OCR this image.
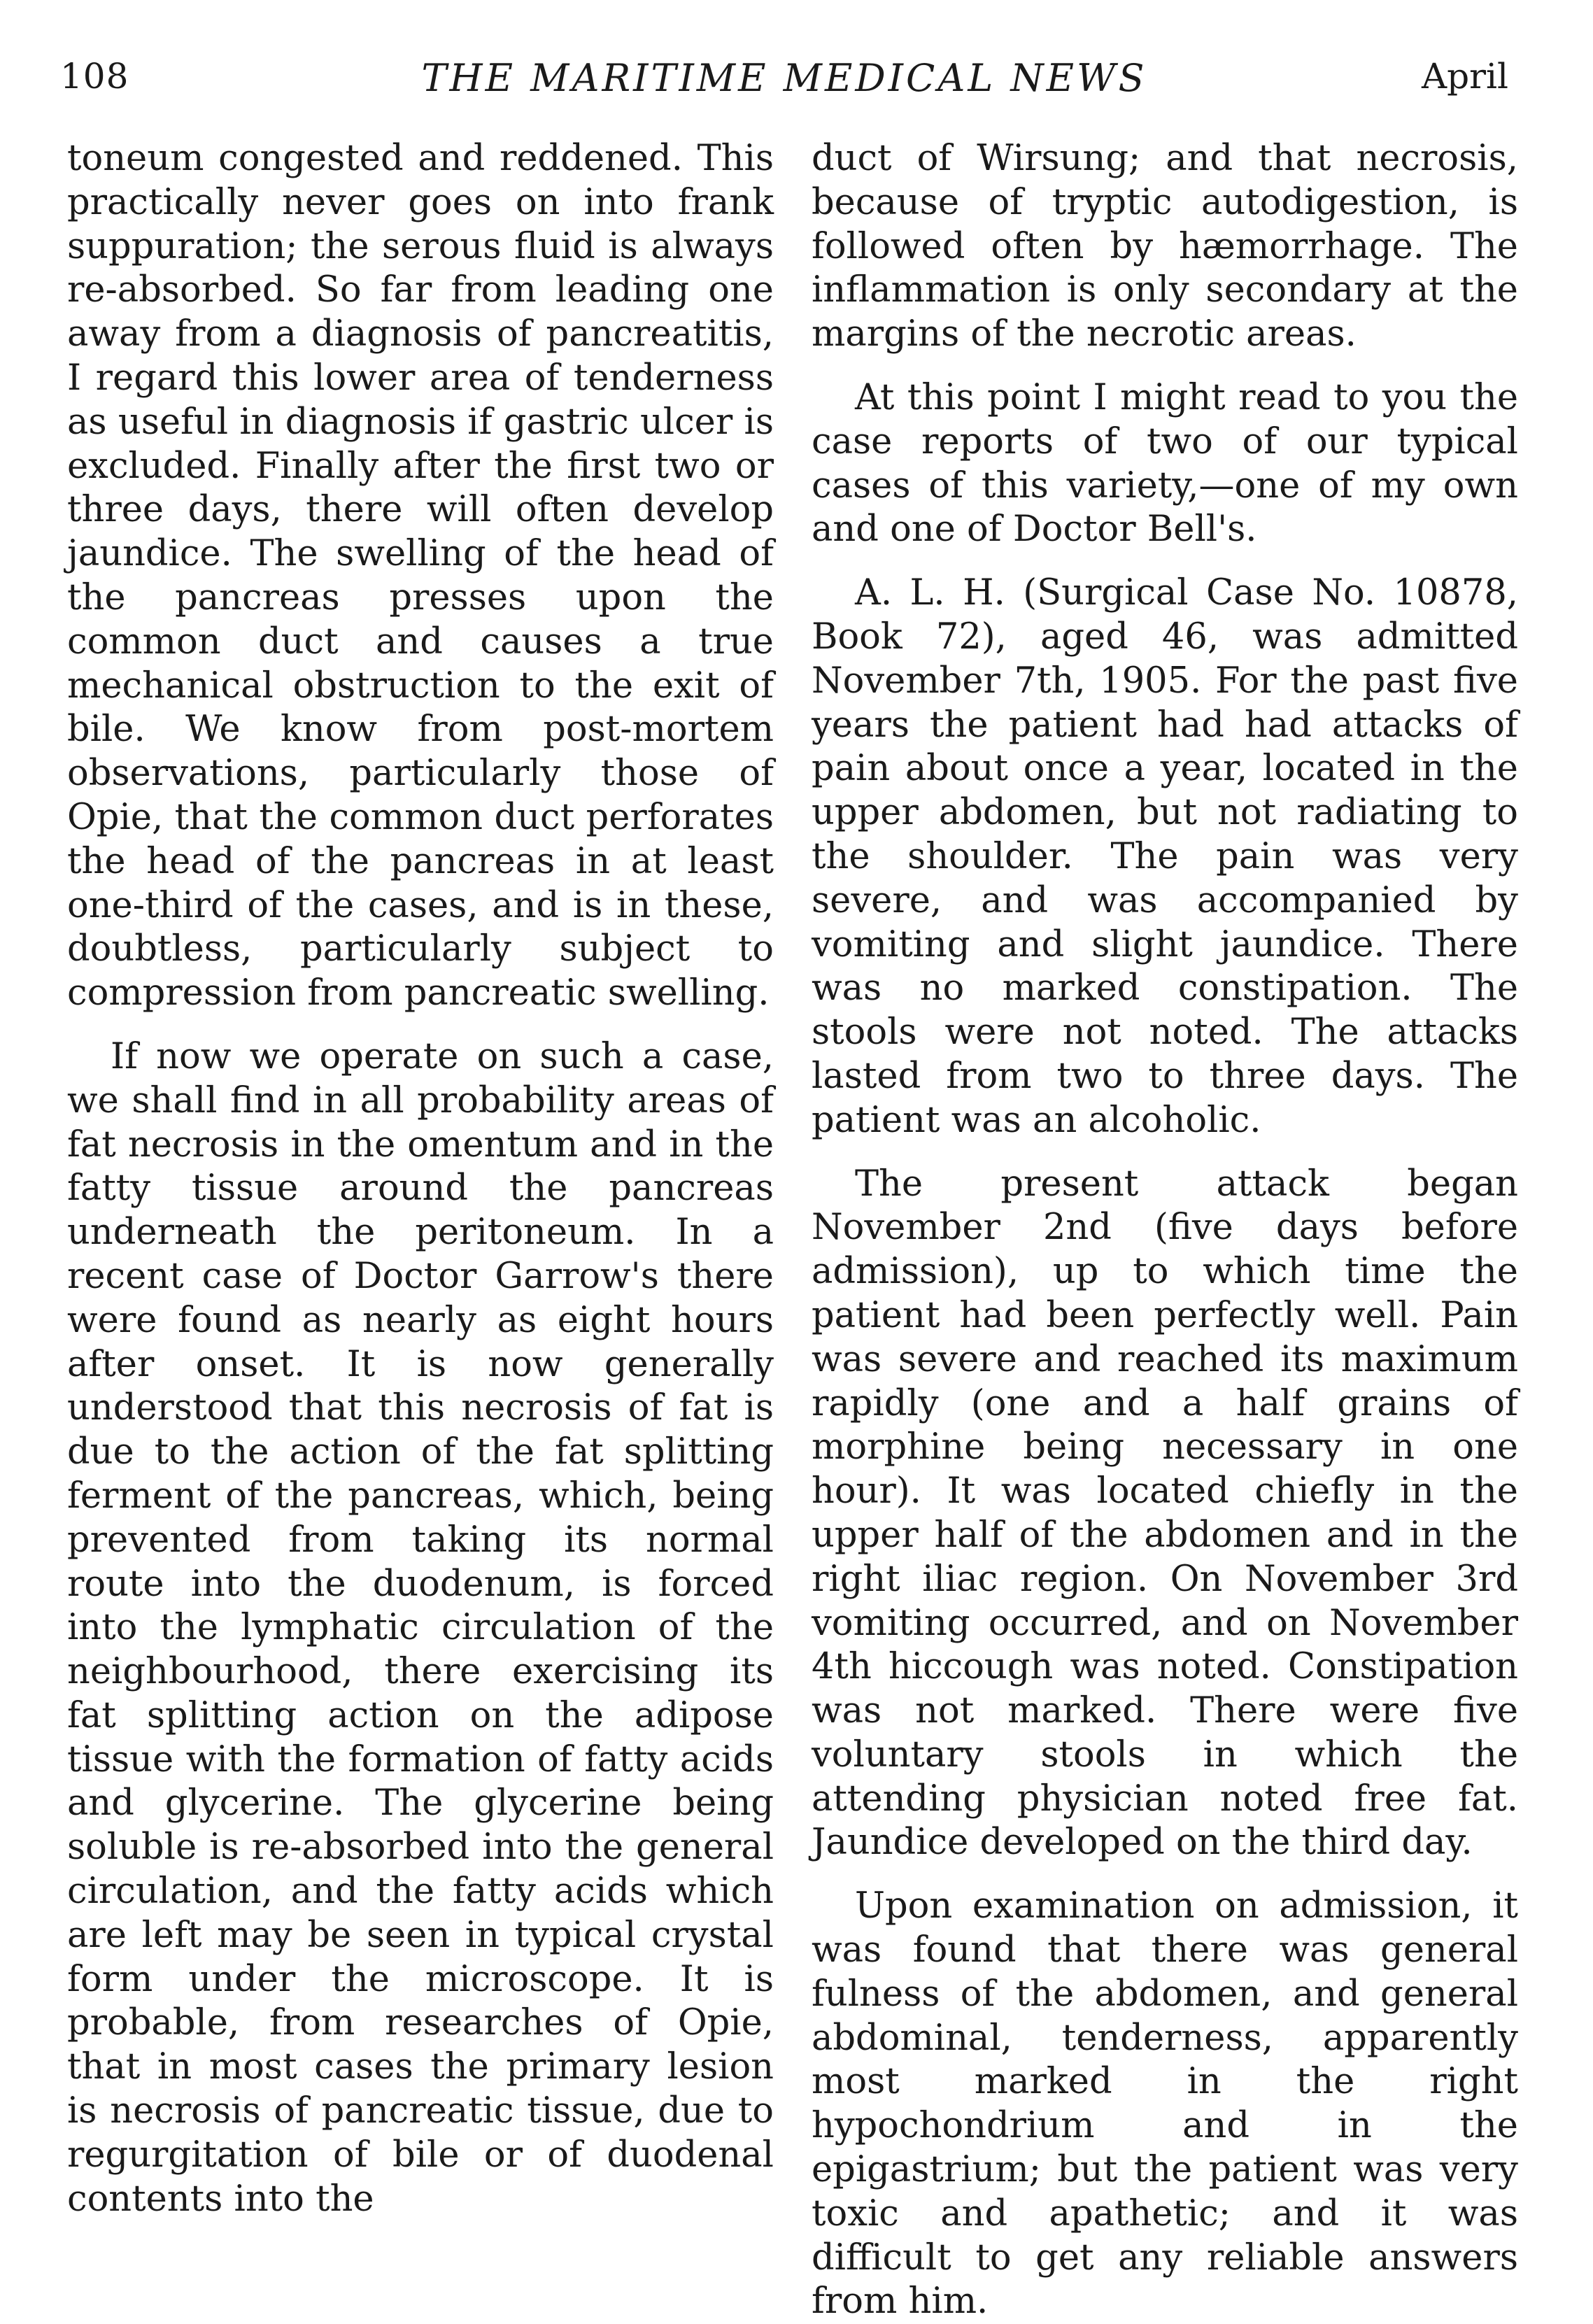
108	THE MARITIME MEDICAL NEWS	April

toneum congested and reddened. This practically never goes on into frank suppuration; the serous fluid is always re-absorbed. So far from leading one away from a diagnosis of pancreatitis, I regard this lower area of tenderness as useful in diagnosis if gastric ulcer is excluded. Finally after the first two or three days, there will often develop jaundice. The swelling of the head of the pancreas presses upon the common duct and causes a true mechanical obstruction to the exit of bile. We know from post-mortem observations, particularly those of Opie, that the common duct perforates the head of the pancreas in at least one-third of the cases, and is in these, doubtless, particularly subject to compression from pancreatic swelling.

If now we operate on such a case, we shall find in all probability areas of fat necrosis in the omentum and in the fatty tissue around the pancreas underneath the peritoneum. In a recent case of Doctor Garrow's there were found as nearly as eight hours after onset. It is now generally understood that this necrosis of fat is due to the action of the fat splitting ferment of the pancreas, which, being prevented from taking its normal route into the duodenum, is forced into the lymphatic circulation of the neighbourhood, there exercising its fat splitting action on the adipose tissue with the formation of fatty acids and glycerine. The glycerine being soluble is re-absorbed into the general circulation, and the fatty acids which are left may be seen in typical crystal form under the microscope. It is probable, from researches of Opie, that in most cases the primary lesion is necrosis of pancreatic tissue, due to regurgitation of bile or of duodenal contents into the

duct of Wirsung; and that necrosis, because of tryptic autodigestion, is followed often by hæmorrhage. The inflammation is only secondary at the margins of the necrotic areas.

At this point I might read to you the case reports of two of our typical cases of this variety,—one of my own and one of Doctor Bell's.

A. L. H. (Surgical Case No. 10878, Book 72), aged 46, was admitted November 7th, 1905. For the past five years the patient had had attacks of pain about once a year, located in the upper abdomen, but not radiating to the shoulder. The pain was very severe, and was accompanied by vomiting and slight jaundice. There was no marked constipation. The stools were not noted. The attacks lasted from two to three days. The patient was an alcoholic.

The present attack began November 2nd (five days before admission), up to which time the patient had been perfectly well. Pain was severe and reached its maximum rapidly (one and a half grains of morphine being necessary in one hour). It was located chiefly in the upper half of the abdomen and in the right iliac region. On November 3rd vomiting occurred, and on November 4th hiccough was noted. Constipation was not marked. There were five voluntary stools in which the attending physician noted free fat. Jaundice developed on the third day.

Upon examination on admission, it was found that there was general fulness of the abdomen, and general abdominal, tenderness, apparently most marked in the right hypochondrium and in the epigastrium; but the patient was very toxic and apathetic; and it was difficult to get any reliable answers from him.
